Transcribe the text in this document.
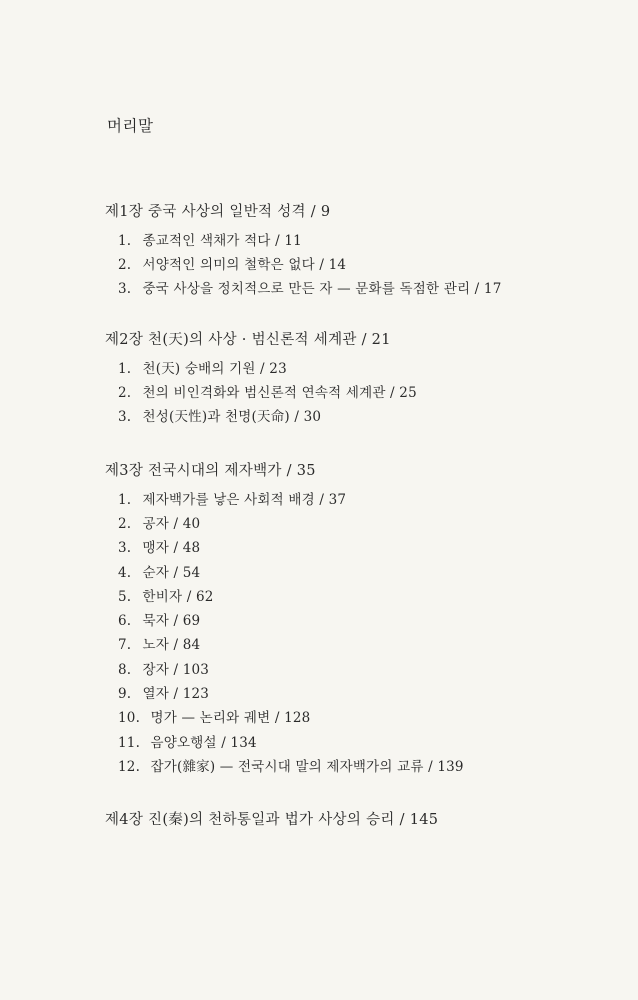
머리말
제1장 중국 사상의 일반적 성격 / 9
1. 종교적인 색채가 적다 / 11
2. 서양적인 의미의 철학은 없다 / 14
3. 중국 사상을 정치적으로 만든 자 — 문화를 독점한 관리 / 17
제2장 천(天)의 사상 · 범신론적 세계관 / 21
1. 천(天) 숭배의 기원 / 23
2. 천의 비인격화와 범신론적 연속적 세계관 / 25
3. 천성(天性)과 천명(天命) / 30
제3장 전국시대의 제자백가 / 35
1. 제자백가를 낳은 사회적 배경 / 37
2. 공자 / 40
3. 맹자 / 48
4. 순자 / 54
5. 한비자 / 62
6. 묵자 / 69
7. 노자 / 84
8. 장자 / 103
9. 열자 / 123
10. 명가 — 논리와 궤변 / 128
11. 음양오행설 / 134
12. 잡가(雜家) — 전국시대 말의 제자백가의 교류 / 139
제4장 진(秦)의 천하통일과 법가 사상의 승리 / 145
